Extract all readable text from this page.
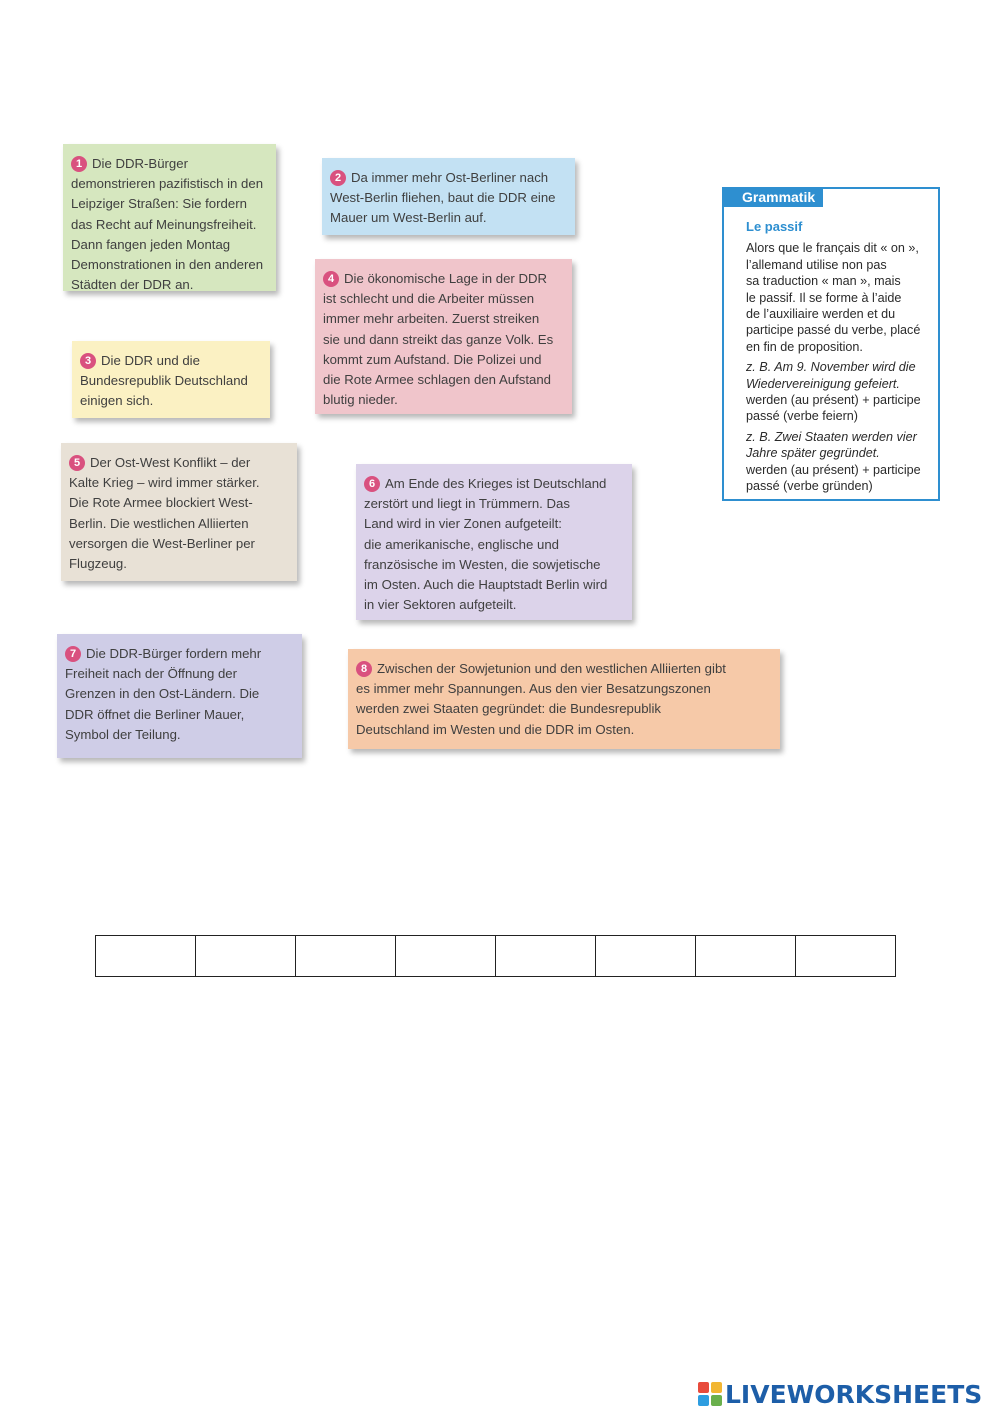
1 Die DDR-Bürger
demonstrieren pazifistisch in den
Leipziger Straßen: Sie fordern
das Recht auf Meinungsfreiheit.
Dann fangen jeden Montag
Demonstrationen in den anderen
Städten der DDR an.
2 Da immer mehr Ost-Berliner nach
West-Berlin fliehen, baut die DDR eine
Mauer um West-Berlin auf.
3 Die DDR und die
Bundesrepublik Deutschland
einigen sich.
4 Die ökonomische Lage in der DDR
ist schlecht und die Arbeiter müssen
immer mehr arbeiten. Zuerst streiken
sie und dann streikt das ganze Volk. Es
kommt zum Aufstand. Die Polizei und
die Rote Armee schlagen den Aufstand
blutig nieder.
5 Der Ost-West Konflikt – der
Kalte Krieg – wird immer stärker.
Die Rote Armee blockiert West-
Berlin. Die westlichen Alliierten
versorgen die West-Berliner per
Flugzeug.
6 Am Ende des Krieges ist Deutschland
zerstört und liegt in Trümmern. Das
Land wird in vier Zonen aufgeteilt:
die amerikanische, englische und
französische im Westen, die sowjetische
im Osten. Auch die Hauptstadt Berlin wird
in vier Sektoren aufgeteilt.
7 Die DDR-Bürger fordern mehr
Freiheit nach der Öffnung der
Grenzen in den Ost-Ländern. Die
DDR öffnet die Berliner Mauer,
Symbol der Teilung.
8 Zwischen der Sowjetunion und den westlichen Alliierten gibt
es immer mehr Spannungen. Aus den vier Besatzungszonen
werden zwei Staaten gegründet: die Bundesrepublik
Deutschland im Westen und die DDR im Osten.
Grammatik
Le passif
Alors que le français dit « on »,
l’allemand utilise non pas
sa traduction « man », mais
le passif. Il se forme à l’aide
de l’auxiliaire werden et du
participe passé du verbe, placé
en fin de proposition.
z. B. Am 9. November wird die
Wiedervereinigung gefeiert.
werden (au présent) + participe
passé (verbe feiern)
z. B. Zwei Staaten werden vier
Jahre später gegründet.
werden (au présent) + participe
passé (verbe gründen)

LIVEWORKSHEETS
